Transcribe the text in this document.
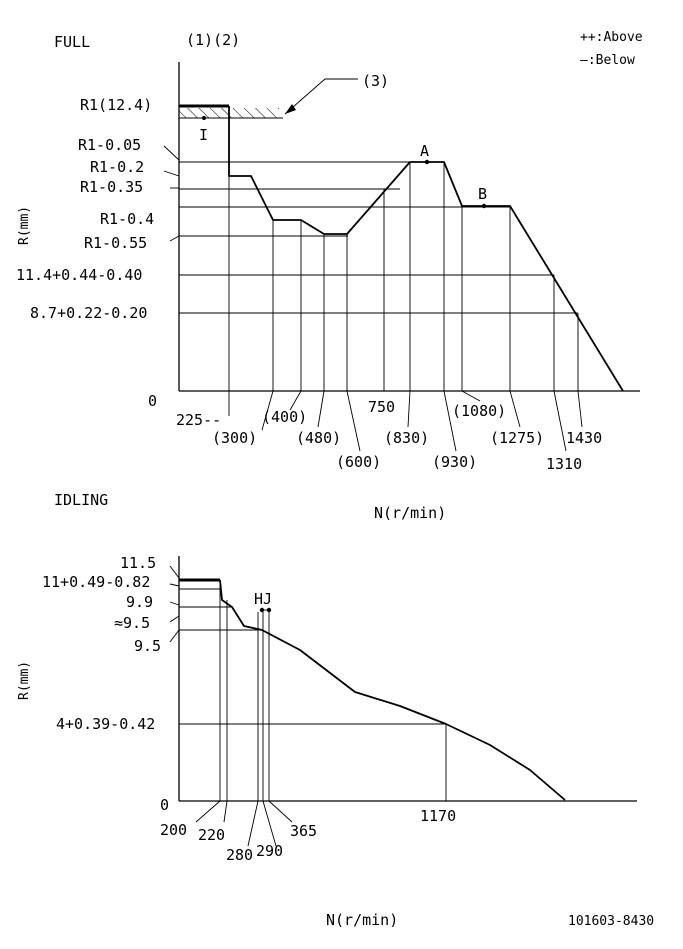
FULL	(1)(2)
(3)
++:Above
—:Below
A
B
I
R1(12.4)
R1-0.05
R1-0.2
R1-0.35
R1-0.4
R1-0.55
11.4+0.44-0.40
8.7+0.22-0.20
R(mm)
0
225--
(300)
(400)
(480)
(600)
750
(830)
(930)
(1080)
(1275)
1310
1430
N(r/min)
IDLING
HJ
11.5
11+0.49-0.82
9.9
≈9.5
9.5
4+0.39-0.42
R(mm)
0
200 220
280 290
365
1170
N(r/min)	101603-8430
